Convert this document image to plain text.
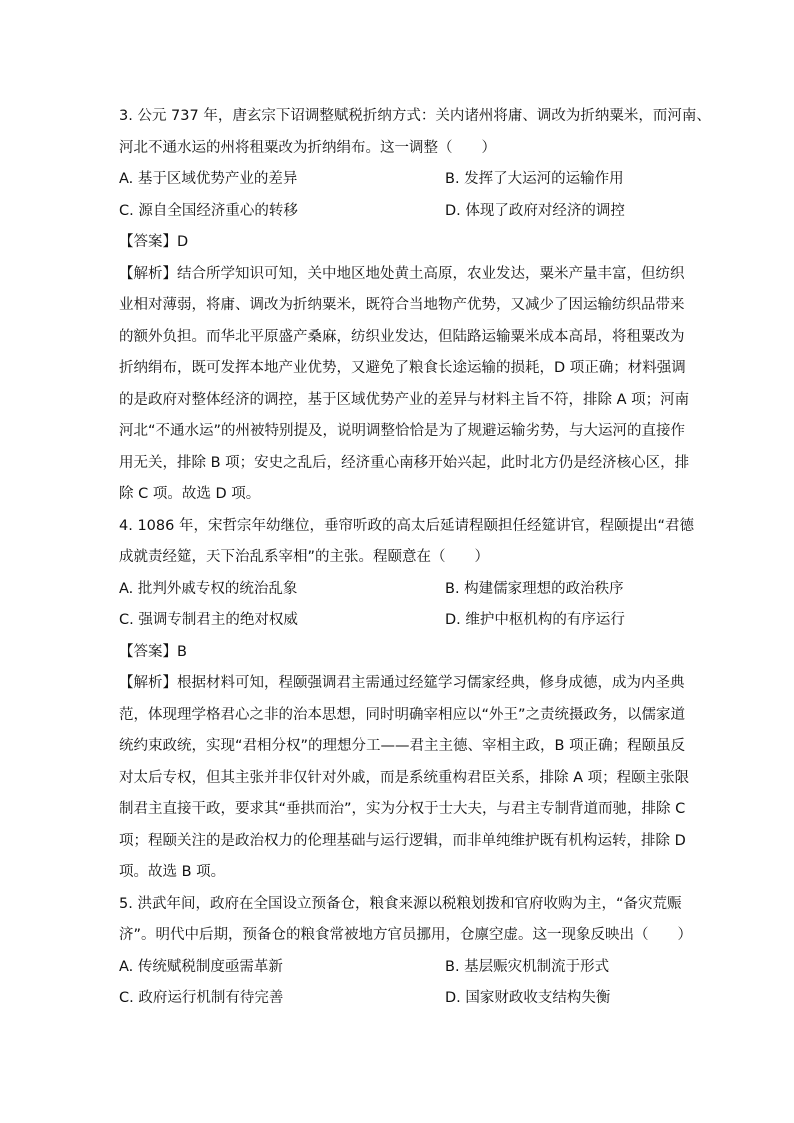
3. 公元 737 年，唐玄宗下诏调整赋税折纳方式：关内诸州将庸、调改为折纳粟米，而河南、
河北不通水运的州将租粟改为折纳绢布。这一调整（　　）
A. 基于区域优势产业的差异	B. 发挥了大运河的运输作用
C. 源自全国经济重心的转移	D. 体现了政府对经济的调控
【答案】D
【解析】结合所学知识可知，关中地区地处黄土高原，农业发达，粟米产量丰富，但纺织
业相对薄弱，将庸、调改为折纳粟米，既符合当地物产优势，又减少了因运输纺织品带来
的额外负担。而华北平原盛产桑麻，纺织业发达，但陆路运输粟米成本高昂，将租粟改为
折纳绢布，既可发挥本地产业优势，又避免了粮食长途运输的损耗，D 项正确；材料强调
的是政府对整体经济的调控，基于区域优势产业的差异与材料主旨不符，排除 A 项；河南
河北“不通水运”的州被特别提及，说明调整恰恰是为了规避运输劣势，与大运河的直接作
用无关，排除 B 项；安史之乱后，经济重心南移开始兴起，此时北方仍是经济核心区，排
除 C 项。故选 D 项。
4. 1086 年，宋哲宗年幼继位，垂帘听政的高太后延请程颐担任经筵讲官，程颐提出“君德
成就责经筵，天下治乱系宰相”的主张。程颐意在（　　）
A. 批判外戚专权的统治乱象	B. 构建儒家理想的政治秩序
C. 强调专制君主的绝对权威	D. 维护中枢机构的有序运行
【答案】B
【解析】根据材料可知，程颐强调君主需通过经筵学习儒家经典，修身成德，成为内圣典
范，体现理学格君心之非的治本思想，同时明确宰相应以“外王”之责统摄政务，以儒家道
统约束政统，实现“君相分权”的理想分工——君主主德、宰相主政，B 项正确；程颐虽反
对太后专权，但其主张并非仅针对外戚，而是系统重构君臣关系，排除 A 项；程颐主张限
制君主直接干政，要求其“垂拱而治”，实为分权于士大夫，与君主专制背道而驰，排除 C
项；程颐关注的是政治权力的伦理基础与运行逻辑，而非单纯维护既有机构运转，排除 D
项。故选 B 项。
5. 洪武年间，政府在全国设立预备仓，粮食来源以税粮划拨和官府收购为主，“备灾荒赈
济”。明代中后期，预备仓的粮食常被地方官员挪用，仓廪空虚。这一现象反映出（　　）
A. 传统赋税制度亟需革新	B. 基层赈灾机制流于形式
C. 政府运行机制有待完善	D. 国家财政收支结构失衡
